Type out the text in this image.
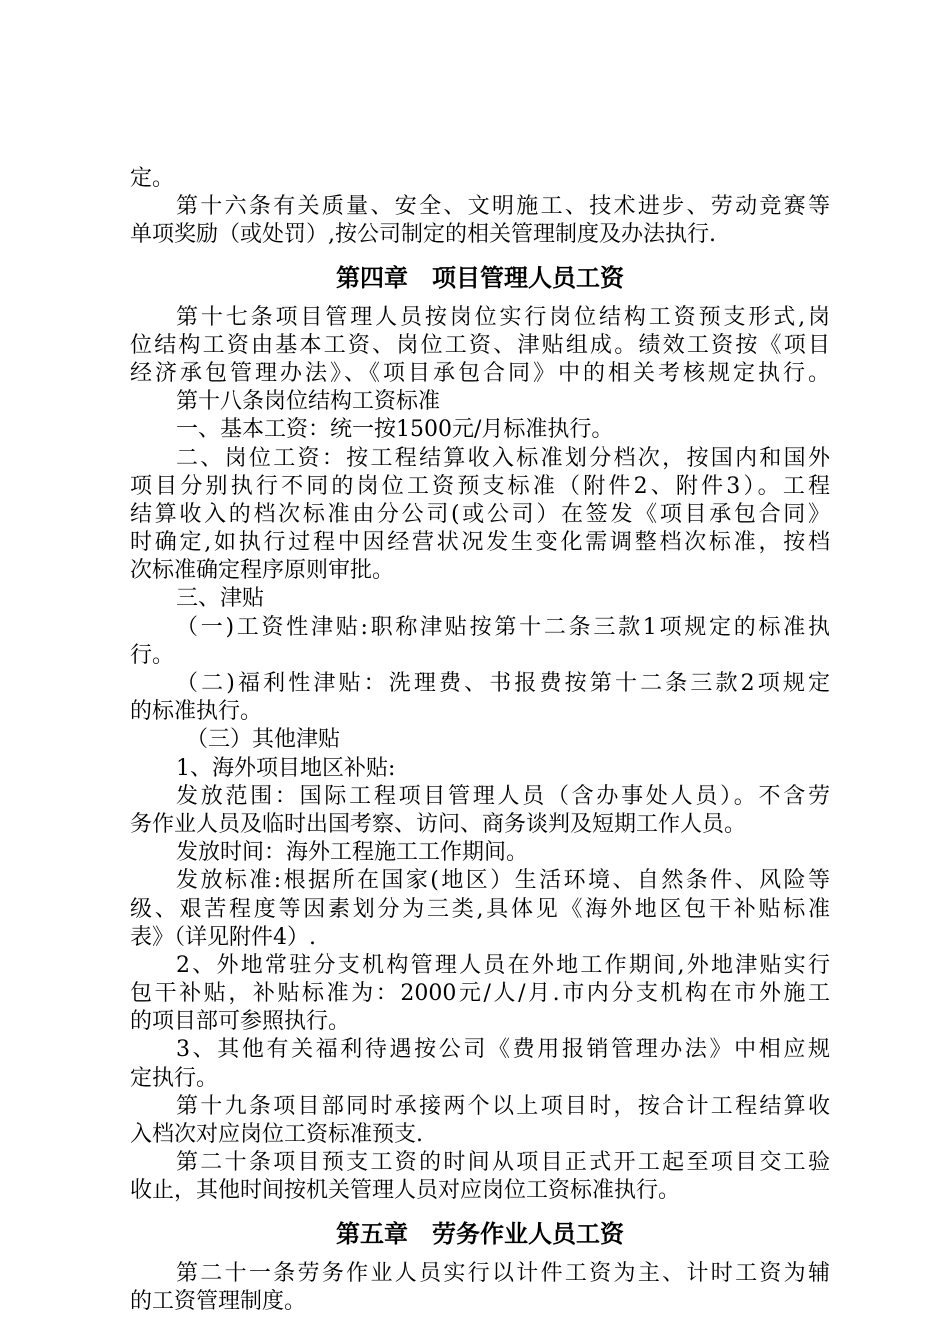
定。
第十六条有关质量、安全、文明施工、技术进步、劳动竞赛等
单项奖励（或处罚）,按公司制定的相关管理制度及办法执行.
第四章　项目管理人员工资
第十七条项目管理人员按岗位实行岗位结构工资预支形式,岗
位结构工资由基本工资、岗位工资、津贴组成。绩效工资按《项目
经济承包管理办法》、《项目承包合同》中的相关考核规定执行。
第十八条岗位结构工资标准
一、基本工资：统一按1500元/月标准执行。
二、岗位工资：按工程结算收入标准划分档次，按国内和国外
项目分别执行不同的岗位工资预支标准（附件2、附件3）。工程
结算收入的档次标准由分公司(或公司）在签发《项目承包合同》
时确定,如执行过程中因经营状况发生变化需调整档次标准，按档
次标准确定程序原则审批。
三、津贴
（一)工资性津贴:职称津贴按第十二条三款1项规定的标准执
行。
（二)福利性津贴：洗理费、书报费按第十二条三款2项规定
的标准执行。
（三）其他津贴
1、海外项目地区补贴:
发放范围：国际工程项目管理人员（含办事处人员）。不含劳
务作业人员及临时出国考察、访问、商务谈判及短期工作人员。
发放时间：海外工程施工工作期间。
发放标准:根据所在国家(地区）生活环境、自然条件、风险等
级、艰苦程度等因素划分为三类,具体见《海外地区包干补贴标准
表》（详见附件4）.
2、外地常驻分支机构管理人员在外地工作期间,外地津贴实行
包干补贴，补贴标准为：2000元/人/月.市内分支机构在市外施工
的项目部可参照执行。
3、其他有关福利待遇按公司《费用报销管理办法》中相应规
定执行。
第十九条项目部同时承接两个以上项目时，按合计工程结算收
入档次对应岗位工资标准预支.
第二十条项目预支工资的时间从项目正式开工起至项目交工验
收止，其他时间按机关管理人员对应岗位工资标准执行。
第五章　劳务作业人员工资
第二十一条劳务作业人员实行以计件工资为主、计时工资为辅
的工资管理制度。
